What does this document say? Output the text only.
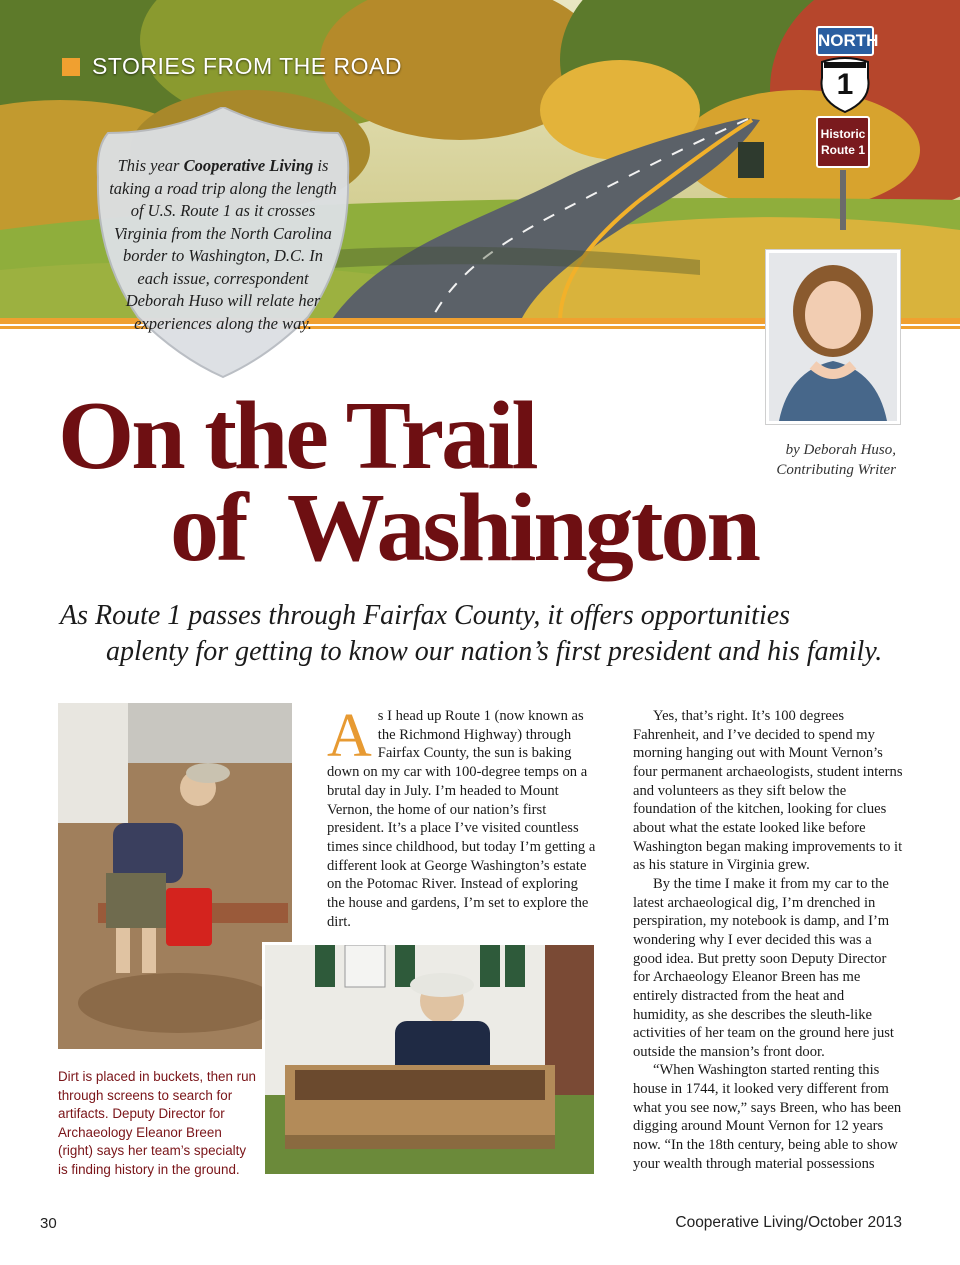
STORIES FROM THE ROAD
NORTH
1
Historic
Route 1
This year Cooperative Living is taking a road trip along the length of U.S. Route 1 as it crosses Virginia from the North Carolina border to Washington, D.C. In each issue, correspondent Deborah Huso will relate her experiences along the way.
by Deborah Huso,
Contributing Writer
On the Trail
of  Washington
As Route 1 passes through Fairfax County, it offers opportunities
aplenty for getting to know our nation’s first president and his family.
Dirt is placed in buckets, then run through screens to search for artifacts. Deputy Director for Archaeology Eleanor Breen (right) says her team’s specialty is finding history in the ground.

As I head up Route 1 (now known as the Richmond Highway) through Fairfax County, the sun is baking down on my car with 100-degree temps on a brutal day in July. I’m headed to Mount Vernon, the home of our nation’s first president. It’s a place I’ve visited countless times since childhood, but today I’m getting a different look at George Washington’s estate on the Potomac River. Instead of exploring the house and gardens, I’m set to explore the dirt.

Yes, that’s right. It’s 100 degrees Fahrenheit, and I’ve decided to spend my morning hanging out with Mount Vernon’s four permanent archaeologists, student interns and volunteers as they sift below the foundation of the kitchen, looking for clues about what the estate looked like before Washington began making improvements to it as his stature in Virginia grew.

By the time I make it from my car to the latest archaeological dig, I’m drenched in perspiration, my notebook is damp, and I’m wondering why I ever decided this was a good idea. But pretty soon Deputy Director for Archaeology Eleanor Breen has me entirely distracted from the heat and humidity, as she describes the sleuth-like activities of her team on the ground here just outside the mansion’s front door.

“When Washington started renting this house in 1744, it looked very different from what you see now,” says Breen, who has been digging around Mount Vernon for 12 years now. “In the 18th century, being able to show your wealth through material possessions

30	Cooperative Living/October 2013
